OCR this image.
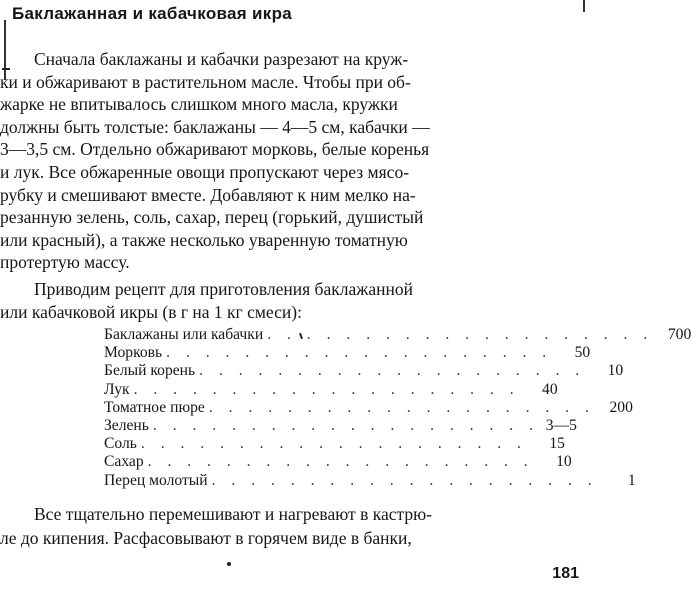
Баклажанная и кабачковая икра
Сначала баклажаны и кабачки разрезают на круж-
ки и обжаривают в растительном масле. Чтобы при об-
жарке не впитывалось слишком много масла, кружки
должны быть толстые: баклажаны — 4—5 см, кабачки —
3—3,5 см. Отдельно обжаривают морковь, белые коренья
и лук. Все обжаренные овощи пропускают через мясо-
рубку и смешивают вместе. Добавляют к ним мелко на-
резанную зелень, соль, сахар, перец (горький, душистый
или красный), а также несколько уваренную томатную
протертую массу.
Приводим рецепт для приготовления баклажанной
или кабачковой икры (в г на 1 кг смеси):
Баклажаны или кабачки . . . . . . . . . . . . . . . . . . . . 700
Морковь . . . . . . . . . . . . . . . . . . . .	50
Белый корень . . . . . . . . . . . . . . . . . . . .	10
Лук . . . . . . . . . . . . . . . . . . . .	40
Томатное пюре . . . . . . . . . . . . . . . . . . . . 200
Зелень . . . . . . . . . . . . . . . . . . . . 3—5
Соль . . . . . . . . . . . . . . . . . . . .	15
Сахар . . . . . . . . . . . . . . . . . . . .	10
Перец молотый . . . . . . . . . . . . . . . . . . . .	1
Все тщательно перемешивают и нагревают в кастрю-
ле до кипения. Расфасовывают в горячем виде в банки,
181
